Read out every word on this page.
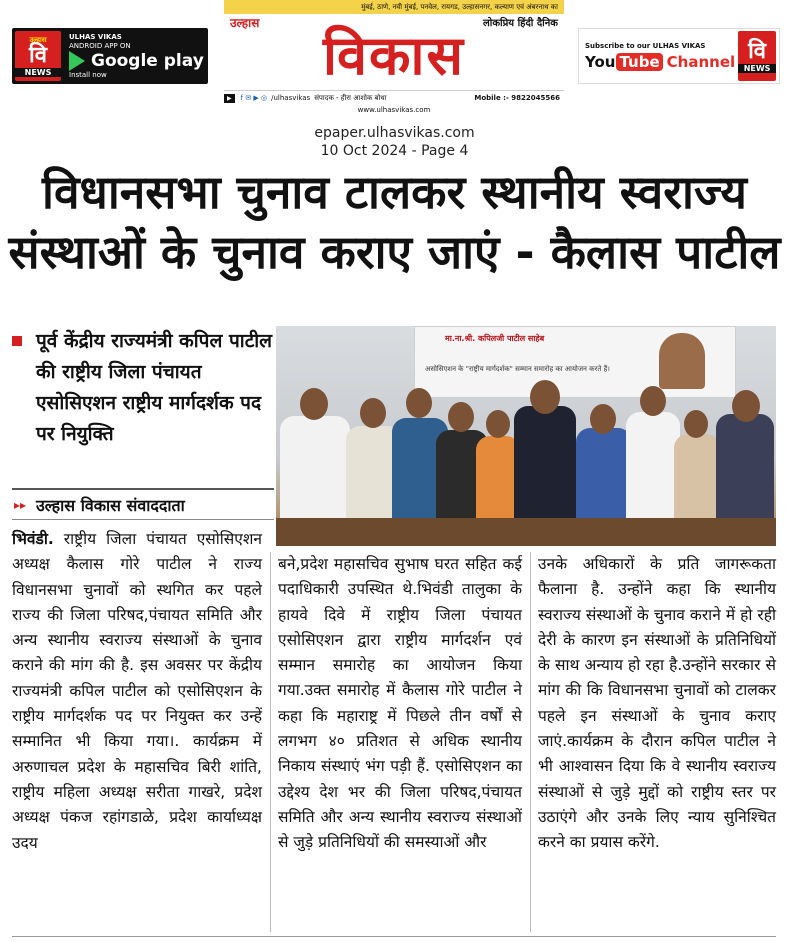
उल्हास
वि
NEWS
ULHAS VIKAS
ANDROID APP ON
Google play
Install now
मुंबई, ठाणे, नवी मुंबई, पनवेल, रायगड, उल्हासनगर, कल्याण एवं अंबरनाथ का
उल्हास	लोकप्रिय हिंदी दैनिक
विकास
▶	f ✉ ▶ ◎ /ulhasvikas संपादक - हीरा आशोक बोधा	Mobile :- 9822045566
www.ulhasvikas.com
Subscribe to our ULHAS VIKAS
You Tube Channel वि
NEWS
epaper.ulhasvikas.com
10 Oct 2024 - Page 4
विधानसभा चुनाव टालकर स्थानीय स्वराज्य
संस्थाओं के चुनाव कराए जाएं - कैलास पाटील
पूर्व केंद्रीय राज्यमंत्री कपिल पाटील की राष्ट्रीय जिला पंचायत एसोसिएशन राष्ट्रीय मार्गदर्शक पद पर नियुक्ति
▸▸ उल्हास विकास संवाददाता
मा.ना.श्री. कपिलजी पाटील साहेब
असोसिएशन के "राष्ट्रीय मार्गदर्शक" सम्मान समारोह का आयोजन करते हैं।
भिवंडी. राष्ट्रीय जिला पंचायत एसोसिएशन अध्यक्ष कैलास गोरे पाटील ने राज्य विधानसभा चुनावों को स्थगित कर पहले राज्य की जिला परिषद,पंचायत समिति और अन्य स्थानीय स्वराज्य संस्थाओं के चुनाव कराने की मांग की है. इस अवसर पर केंद्रीय राज्यमंत्री कपिल पाटील को एसोसिएशन के राष्ट्रीय मार्गदर्शक पद पर नियुक्त कर उन्हें सम्मानित भी किया गया।. कार्यक्रम में अरुणाचल प्रदेश के महासचिव बिरी शांति, राष्ट्रीय महिला अध्यक्ष सरीता गाखरे, प्रदेश अध्यक्ष पंकज रहांगडाळे, प्रदेश कार्याध्यक्ष उदय
बने,प्रदेश महासचिव सुभाष घरत सहित कई पदाधिकारी उपस्थित थे.भिवंडी तालुका के हायवे दिवे में राष्ट्रीय जिला पंचायत एसोसिएशन द्वारा राष्ट्रीय मार्गदर्शन एवं सम्मान समारोह का आयोजन किया गया.उक्त समारोह में कैलास गोरे पाटील ने कहा कि महाराष्ट्र में पिछले तीन वर्षों से लगभग ४० प्रतिशत से अधिक स्थानीय निकाय संस्थाएं भंग पड़ी हैं. एसोसिएशन का उद्देश्य देश भर की जिला परिषद,पंचायत समिति और अन्य स्थानीय स्वराज्य संस्थाओं से जुड़े प्रतिनिधियों की समस्याओं और
उनके अधिकारों के प्रति जागरूकता फैलाना है. उन्होंने कहा कि स्थानीय स्वराज्य संस्थाओं के चुनाव कराने में हो रही देरी के कारण इन संस्थाओं के प्रतिनिधियों के साथ अन्याय हो रहा है.उन्होंने सरकार से मांग की कि विधानसभा चुनावों को टालकर पहले इन संस्थाओं के चुनाव कराए जाएं.कार्यक्रम के दौरान कपिल पाटील ने भी आश्वासन दिया कि वे स्थानीय स्वराज्य संस्थाओं से जुड़े मुद्दों को राष्ट्रीय स्तर पर उठाएंगे और उनके लिए न्याय सुनिश्चित करने का प्रयास करेंगे.
